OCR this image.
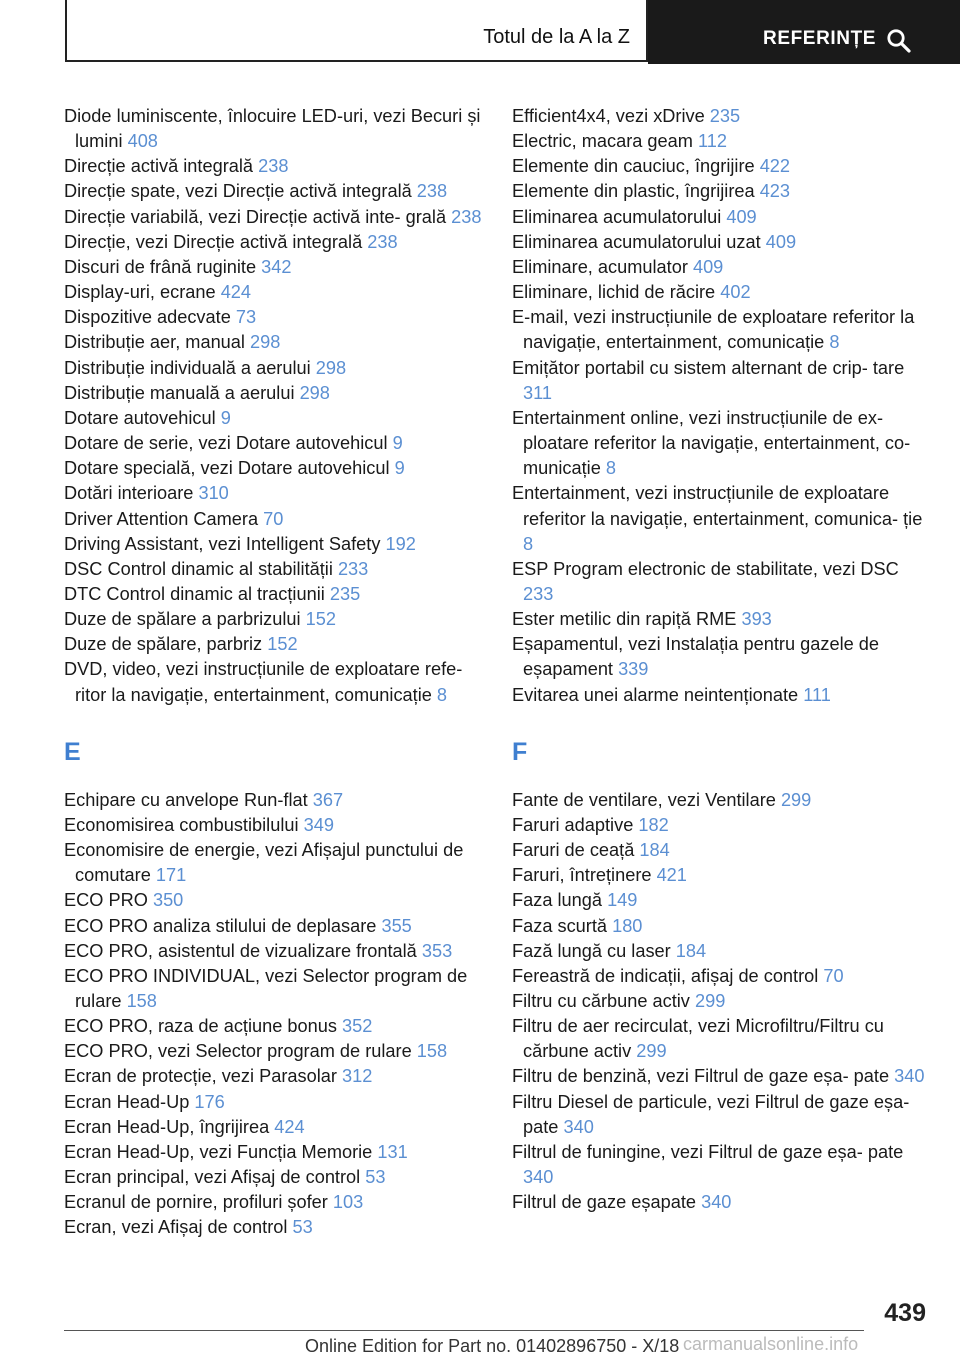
Totul de la A la Z	REFERINȚE
Diode luminiscente, înlocuire LED-uri, vezi Becuri și lumini 408
Direcție activă integrală 238
Direcție spate, vezi Direcție activă integrală 238
Direcție variabilă, vezi Direcție activă inte‐ grală 238
Direcție, vezi Direcție activă integrală 238
Discuri de frână ruginite 342
Display-uri, ecrane 424
Dispozitive adecvate 73
Distribuție aer, manual 298
Distribuție individuală a aerului 298
Distribuție manuală a aerului 298
Dotare autovehicul 9
Dotare de serie, vezi Dotare autovehicul 9
Dotare specială, vezi Dotare autovehicul 9
Dotări interioare 310
Driver Attention Camera 70
Driving Assistant, vezi Intelligent Safety 192
DSC Control dinamic al stabilității 233
DTC Control dinamic al tracțiunii 235
Duze de spălare a parbrizului 152
Duze de spălare, parbriz 152
DVD, video, vezi instrucțiunile de exploatare refe‐ ritor la navigație, entertainment, comunicație 8
E
Echipare cu anvelope Run-flat 367
Economisirea combustibilului 349
Economisire de energie, vezi Afișajul punctului de comutare 171
ECO PRO 350
ECO PRO analiza stilului de deplasare 355
ECO PRO, asistentul de vizualizare frontală 353
ECO PRO INDIVIDUAL, vezi Selector program de rulare 158
ECO PRO, raza de acțiune bonus 352
ECO PRO, vezi Selector program de rulare 158
Ecran de protecție, vezi Parasolar 312
Ecran Head-Up 176
Ecran Head-Up, îngrijirea 424
Ecran Head-Up, vezi Funcția Memorie 131
Ecran principal, vezi Afișaj de control 53
Ecranul de pornire, profiluri șofer 103
Ecran, vezi Afișaj de control 53
Efficient4x4, vezi xDrive 235
Electric, macara geam 112
Elemente din cauciuc, îngrijire 422
Elemente din plastic, îngrijirea 423
Eliminarea acumulatorului 409
Eliminarea acumulatorului uzat 409
Eliminare, acumulator 409
Eliminare, lichid de răcire 402
E-mail, vezi instrucțiunile de exploatare referitor la navigație, entertainment, comunicație 8
Emițător portabil cu sistem alternant de crip‐ tare 311
Entertainment online, vezi instrucțiunile de ex‐ ploatare referitor la navigație, entertainment, co‐ municație 8
Entertainment, vezi instrucțiunile de exploatare referitor la navigație, entertainment, comunica‐ ție 8
ESP Program electronic de stabilitate, vezi DSC 233
Ester metilic din rapiță RME 393
Eșapamentul, vezi Instalația pentru gazele de eșapament 339
Evitarea unei alarme neintenționate 111
F
Fante de ventilare, vezi Ventilare 299
Faruri adaptive 182
Faruri de ceață 184
Faruri, întreținere 421
Faza lungă 149
Faza scurtă 180
Fază lungă cu laser 184
Fereastră de indicații, afișaj de control 70
Filtru cu cărbune activ 299
Filtru de aer recirculat, vezi Microfiltru/Filtru cu cărbune activ 299
Filtru de benzină, vezi Filtrul de gaze eșa‐ pate 340
Filtru Diesel de particule, vezi Filtrul de gaze eșa‐ pate 340
Filtrul de funingine, vezi Filtrul de gaze eșa‐ pate 340
Filtrul de gaze eșapate 340
439
Online Edition for Part no. 01402896750 - X/18 carmanualsonline.info
